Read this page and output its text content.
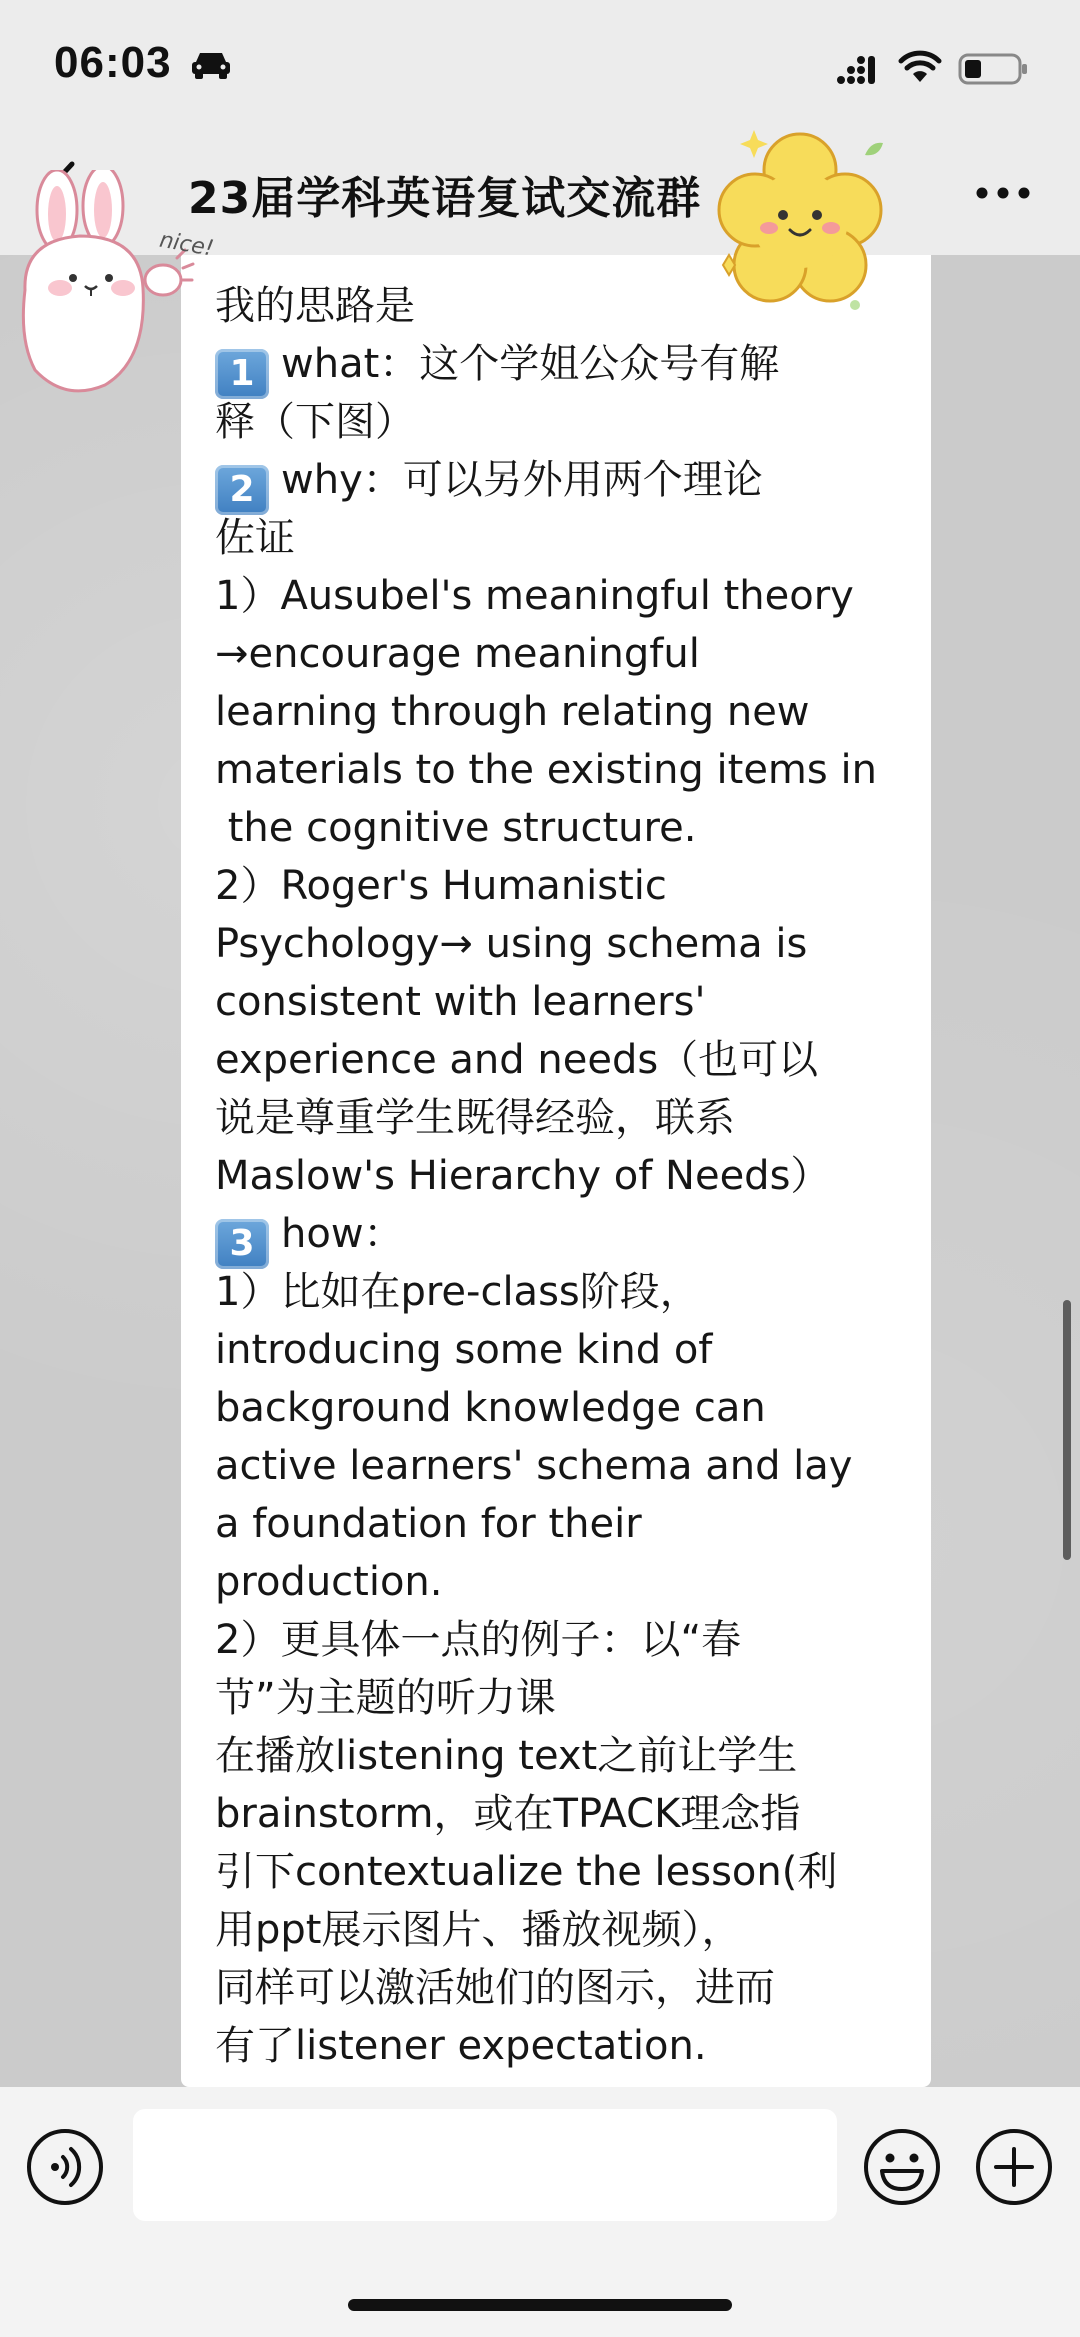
06:03
23届学科英语复试交流群
我的思路是
1 what：这个学姐公众号有解
释（下图）
2 why：可以另外用两个理论
佐证
1）Ausubel's meaningful theory
→encourage meaningful
learning through relating new
materials to the existing items in
the cognitive structure.
2）Roger's Humanistic
Psychology→ using schema is
consistent with learners'
experience and needs（也可以
说是尊重学生既得经验，联系
Maslow's Hierarchy of Needs）
3 how：
1）比如在pre-class阶段，
introducing some kind of
background knowledge can
active learners' schema and lay
a foundation for their
production.
2）更具体一点的例子：以“春
节”为主题的听力课
在播放listening text之前让学生
brainstorm，或在TPACK理念指
引下contextualize the lesson(利
用ppt展示图片、播放视频），
同样可以激活她们的图示，进而
有了listener expectation.
nice!
